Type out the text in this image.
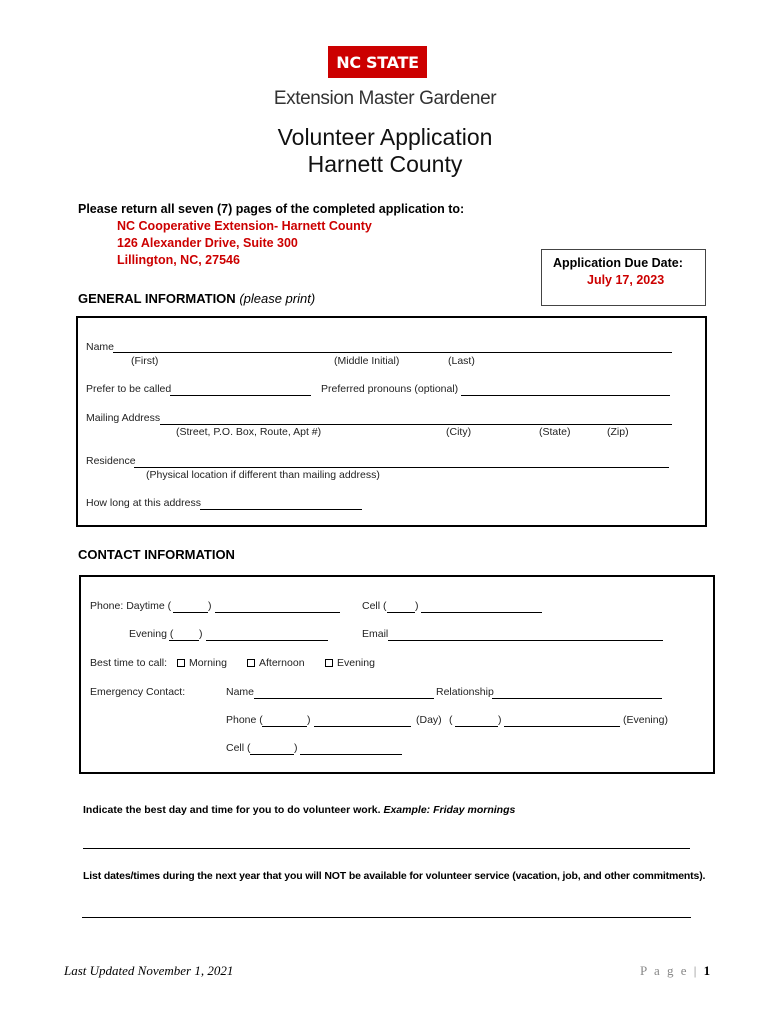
NC STATE
Extension Master Gardener
Volunteer Application
Harnett County
Please return all seven (7) pages of the completed application to:
NC Cooperative Extension- Harnett County
126 Alexander Drive, Suite 300
Lillington, NC, 27546	Application Due Date:
July 17, 2023
GENERAL INFORMATION (please print)
Name
(First)	(Middle Initial)	(Last)
Prefer to be called	Preferred pronouns (optional)
Mailing Address
(Street, P.O. Box, Route, Apt #)	(City)	(State)	(Zip)
Residence
(Physical location if different than mailing address)
How long at this address
CONTACT INFORMATION
Phone: Daytime (	)	Cell (	)
Evening ( )	Email
Best time to call:	Morning	Afternoon	Evening
Emergency Contact:	Name	Relationship
Phone (	)	(Day) (	)	(Evening)
Cell (	)
Indicate the best day and time for you to do volunteer work. Example: Friday mornings
List dates/times during the next year that you will NOT be available for volunteer service (vacation, job, and other commitments).
Last Updated November 1, 2021	P a g e | 1
